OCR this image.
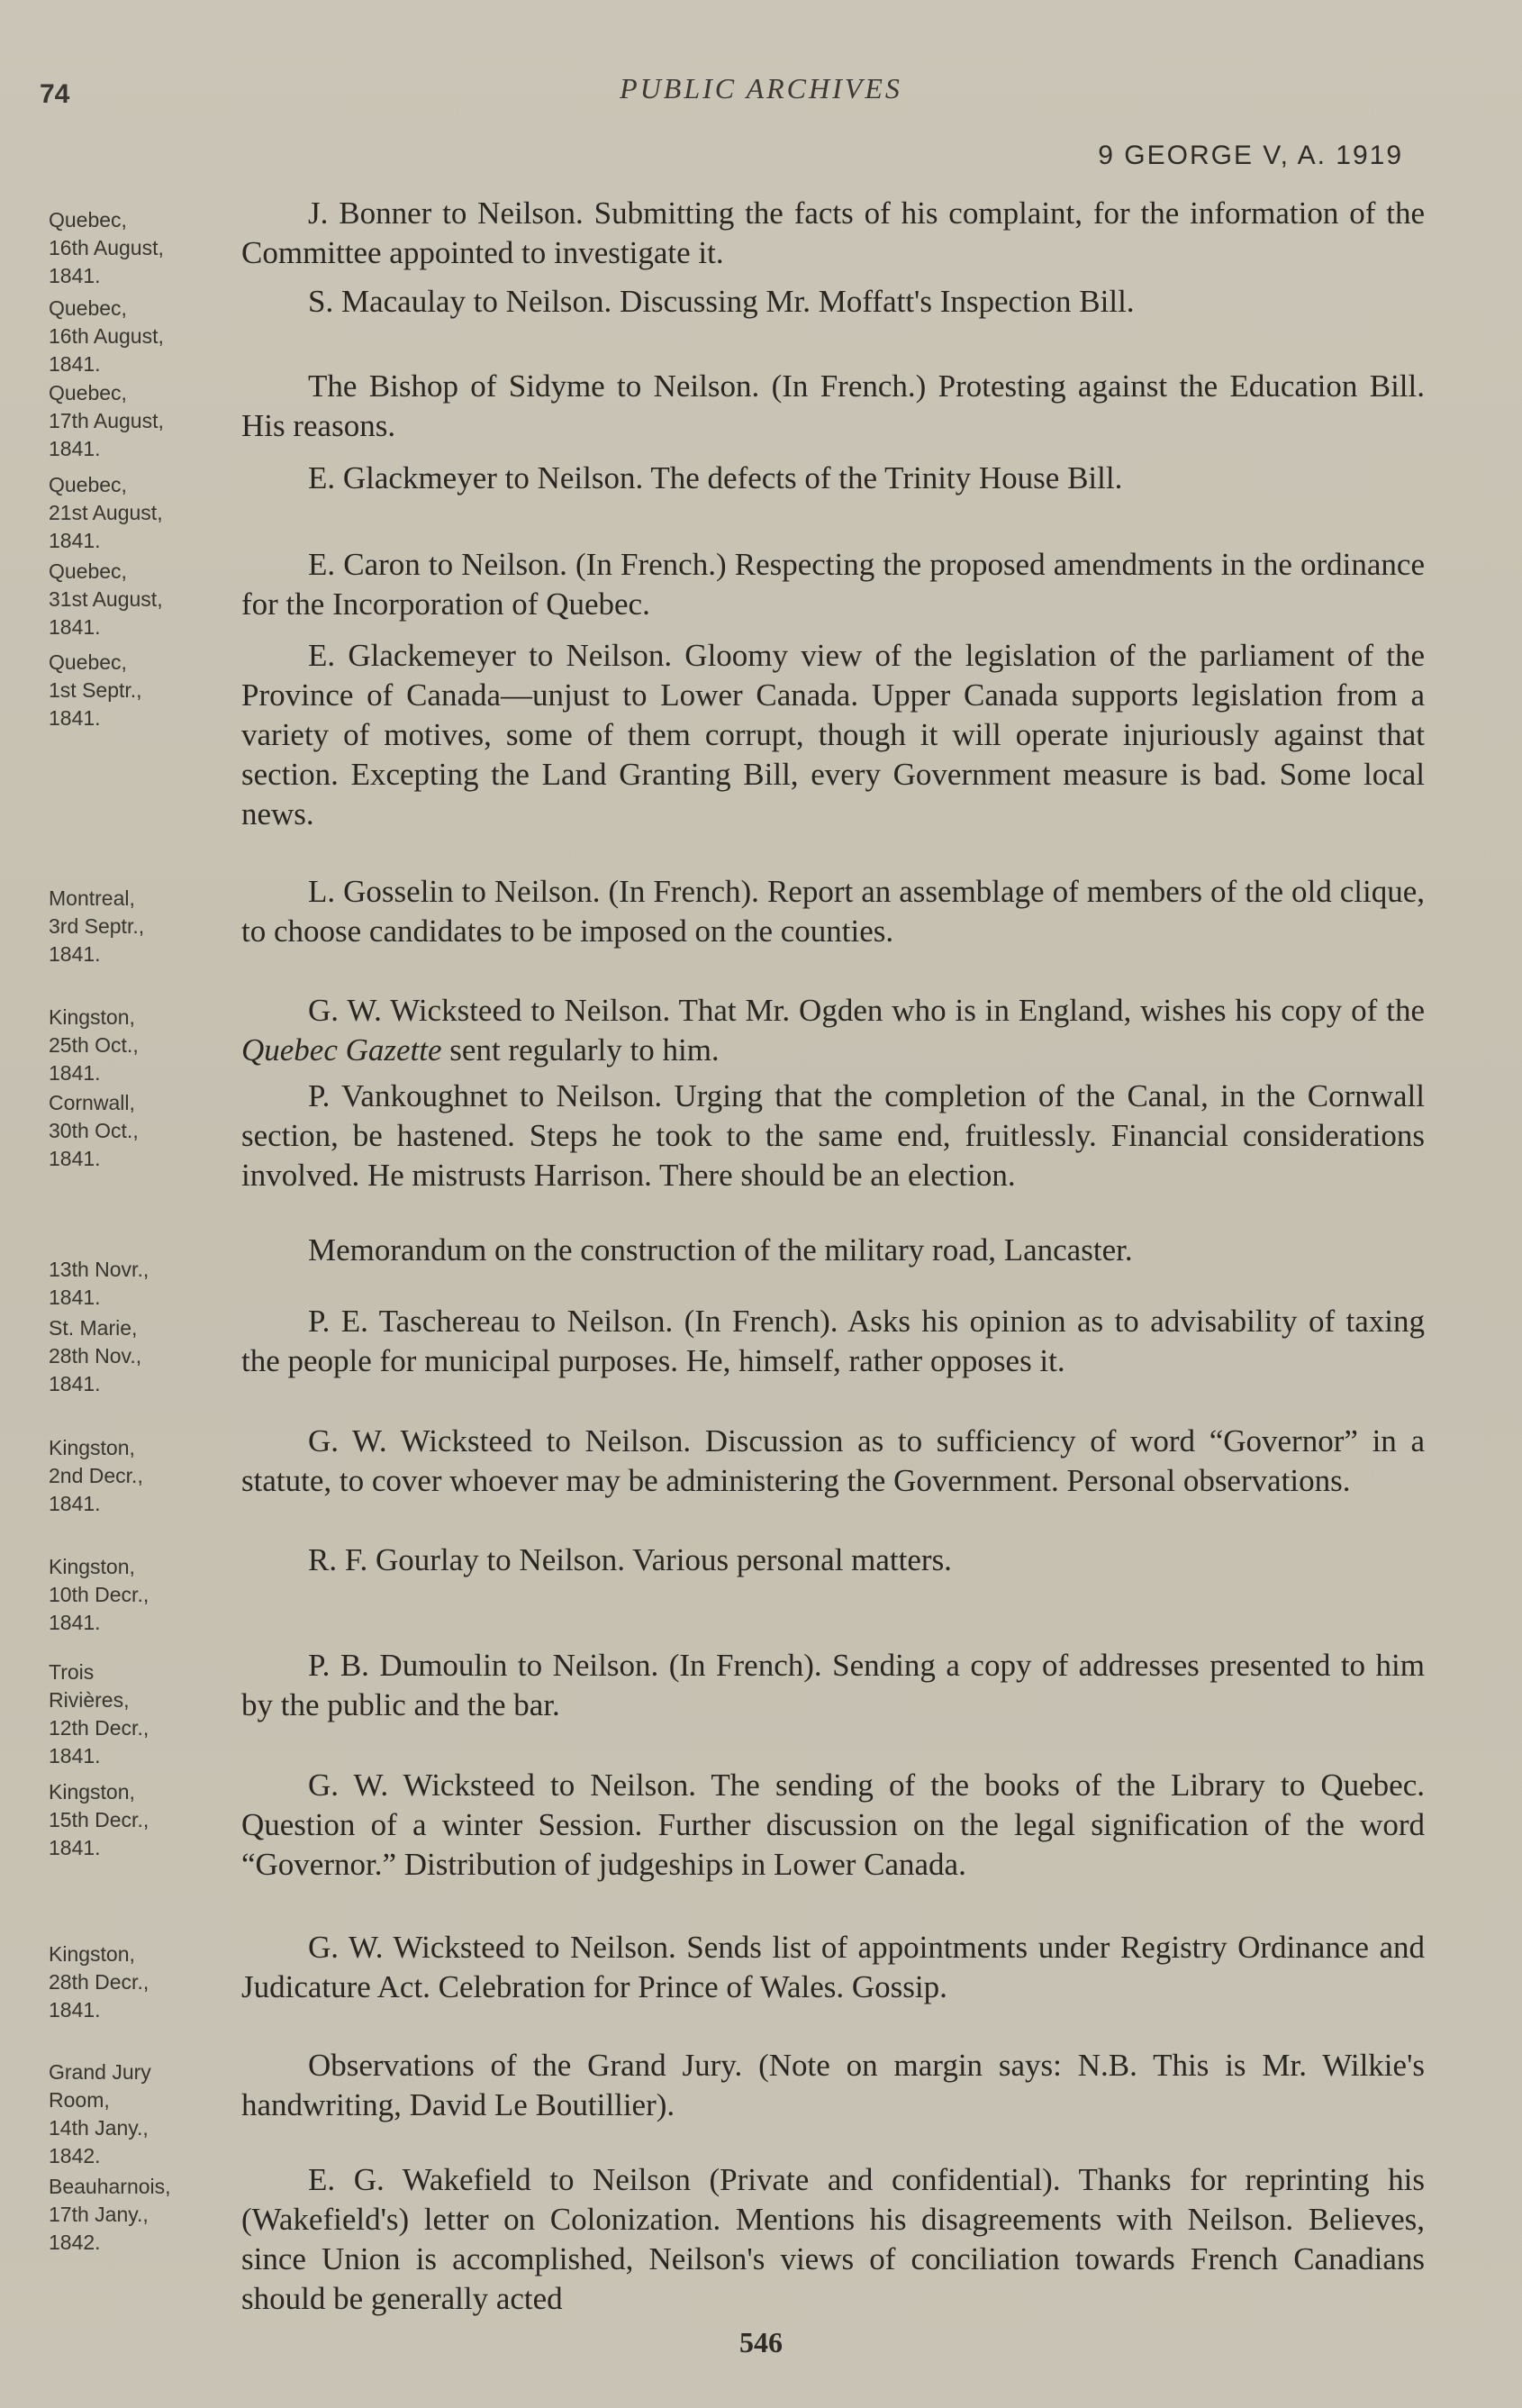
74	PUBLIC ARCHIVES
9 GEORGE V, A. 1919
Quebec,
16th August,
1841.
J. Bonner to Neilson. Submitting the facts of his complaint, for the information of the Committee appointed to investigate it.
Quebec,
16th August,
1841.
S. Macaulay to Neilson. Discussing Mr. Moffatt's Inspection Bill.
Quebec,
17th August,
1841.
The Bishop of Sidyme to Neilson. (In French.) Protesting against the Education Bill. His reasons.
Quebec,
21st August,
1841.
E. Glackmeyer to Neilson. The defects of the Trinity House Bill.
Quebec,
31st August,
1841.
E. Caron to Neilson. (In French.) Respecting the proposed amendments in the ordinance for the Incorporation of Quebec.
Quebec,
1st Septr.,
1841.
E. Glackemeyer to Neilson. Gloomy view of the legislation of the parliament of the Province of Canada—unjust to Lower Canada. Upper Canada supports legislation from a variety of motives, some of them corrupt, though it will operate injuriously against that section. Excepting the Land Granting Bill, every Government measure is bad. Some local news.
Montreal,
3rd Septr.,
1841.
L. Gosselin to Neilson. (In French). Report an assemblage of members of the old clique, to choose candidates to be imposed on the counties.
Kingston,
25th Oct.,
1841.
G. W. Wicksteed to Neilson. That Mr. Ogden who is in England, wishes his copy of the Quebec Gazette sent regularly to him.
Cornwall,
30th Oct.,
1841.
P. Vankoughnet to Neilson. Urging that the completion of the Canal, in the Cornwall section, be hastened. Steps he took to the same end, fruitlessly. Financial considerations involved. He mistrusts Harrison. There should be an election.
13th Novr.,
1841.
Memorandum on the construction of the military road, Lancaster.
St. Marie,
28th Nov.,
1841.
P. E. Taschereau to Neilson. (In French). Asks his opinion as to advisability of taxing the people for municipal purposes. He, himself, rather opposes it.
Kingston,
2nd Decr.,
1841.
G. W. Wicksteed to Neilson. Discussion as to sufficiency of word “Governor” in a statute, to cover whoever may be administering the Government. Personal observations.
Kingston,
10th Decr.,
1841.
R. F. Gourlay to Neilson. Various personal matters.
Trois
Rivières,
12th Decr.,
1841.
P. B. Dumoulin to Neilson. (In French). Sending a copy of addresses presented to him by the public and the bar.
Kingston,
15th Decr.,
1841.
G. W. Wicksteed to Neilson. The sending of the books of the Library to Quebec. Question of a winter Session. Further discussion on the legal signification of the word “Governor.” Distribution of judgeships in Lower Canada.
Kingston,
28th Decr.,
1841.
G. W. Wicksteed to Neilson. Sends list of appointments under Registry Ordinance and Judicature Act. Celebration for Prince of Wales. Gossip.
Grand Jury
Room,
14th Jany.,
1842.
Observations of the Grand Jury. (Note on margin says: N.B. This is Mr. Wilkie's handwriting, David Le Boutillier).
Beauharnois,
17th Jany.,
1842.
E. G. Wakefield to Neilson (Private and confidential). Thanks for reprinting his (Wakefield's) letter on Colonization. Mentions his disagreements with Neilson. Believes, since Union is accomplished, Neilson's views of conciliation towards French Canadians should be generally acted
546
